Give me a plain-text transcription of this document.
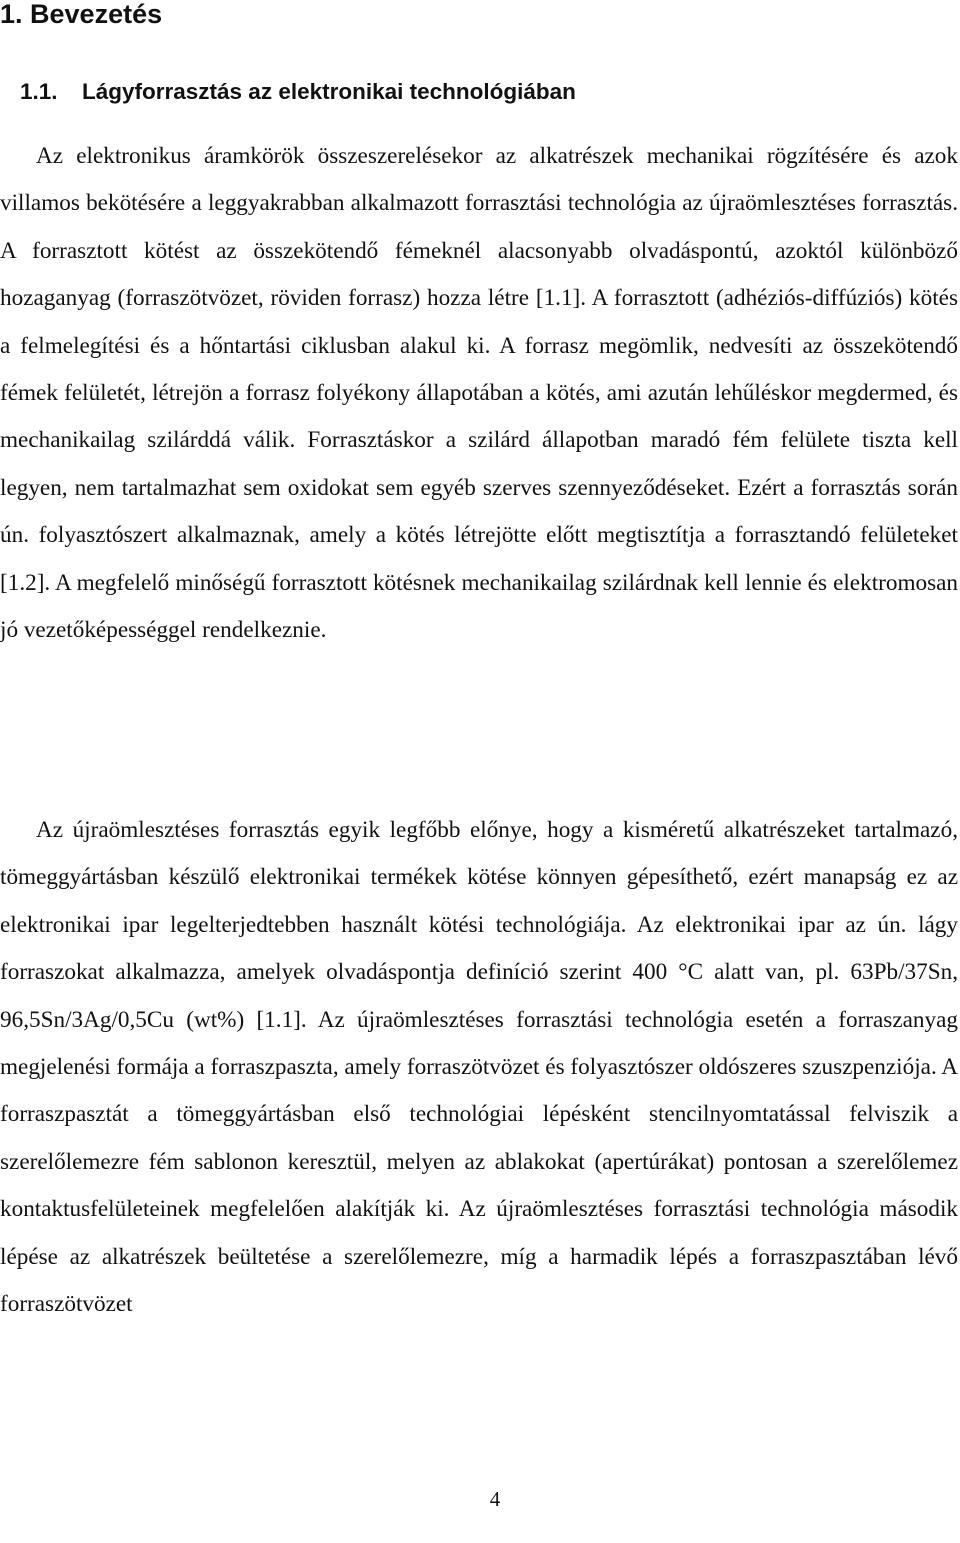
1. Bevezetés
1.1. Lágyforrasztás az elektronikai technológiában

Az elektronikus áramkörök összeszerelésekor az alkatrészek mechanikai rögzítésére és azok villamos bekötésére a leggyakrabban alkalmazott forrasztási technológia az újraömlesztéses forrasztás. A forrasztott kötést az összekötendő fémeknél alacsonyabb olvadáspontú, azoktól különböző hozaganyag (forraszötvözet, röviden forrasz) hozza létre [1.1]. A forrasztott (adhéziós-diffúziós) kötés a felmelegítési és a hőntartási ciklusban alakul ki. A forrasz megömlik, nedvesíti az összekötendő fémek felületét, létrejön a forrasz folyékony állapotában a kötés, ami azután lehűléskor megdermed, és mechanikailag szilárddá válik. Forrasztáskor a szilárd állapotban maradó fém felülete tiszta kell legyen, nem tartalmazhat sem oxidokat sem egyéb szerves szennyeződéseket. Ezért a forrasztás során ún. folyasztószert alkalmaznak, amely a kötés létrejötte előtt megtisztítja a forrasztandó felületeket [1.2]. A megfelelő minőségű forrasztott kötésnek mechanikailag szilárdnak kell lennie és elektromosan jó vezetőképességgel rendelkeznie.

Az újraömlesztéses forrasztás egyik legfőbb előnye, hogy a kisméretű alkatrészeket tartalmazó, tömeggyártásban készülő elektronikai termékek kötése könnyen gépesíthető, ezért manapság ez az elektronikai ipar legelterjedtebben használt kötési technológiája. Az elektronikai ipar az ún. lágy forraszokat alkalmazza, amelyek olvadáspontja definíció szerint 400 °C alatt van, pl. 63Pb/37Sn, 96,5Sn/3Ag/0,5Cu (wt%) [1.1]. Az újraömlesztéses forrasztási technológia esetén a forraszanyag megjelenési formája a forraszpaszta, amely forraszötvözet és folyasztószer oldószeres szuszpenziója. A forraszpasztát a tömeggyártásban első technológiai lépésként stencilnyomtatással felviszik a szerelőlemezre fém sablonon keresztül, melyen az ablakokat (apertúrákat) pontosan a szerelőlemez kontaktusfelületeinek megfelelően alakítják ki. Az újraömlesztéses forrasztási technológia második lépése az alkatrészek beültetése a szerelőlemezre, míg a harmadik lépés a forraszpasztában lévő forraszötvözet

4
